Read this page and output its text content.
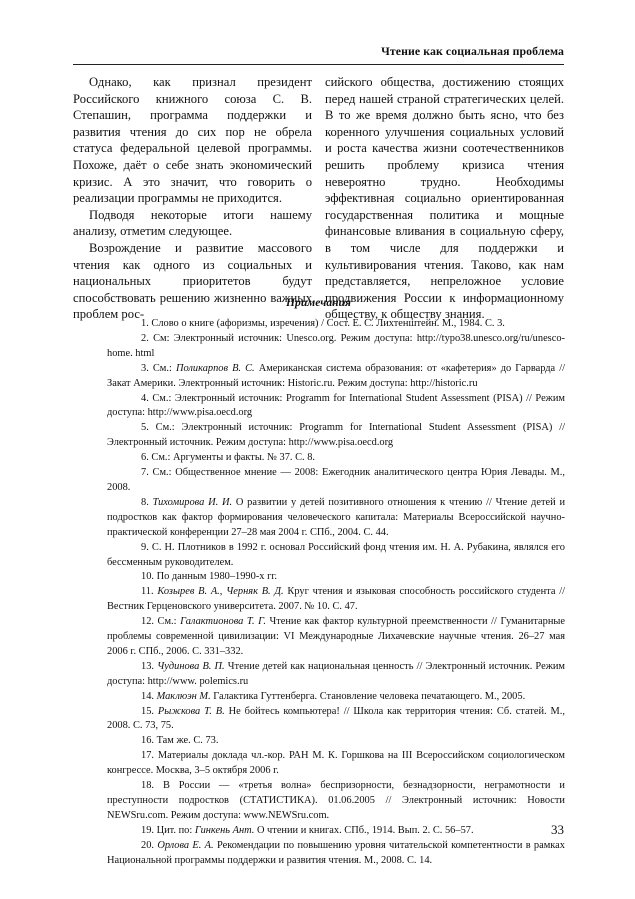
Чтение как социальная проблема

Однако, как признал президент Российского книжного союза С. В. Степашин, программа поддержки и развития чтения до сих пор не обрела статуса федеральной целевой программы. Похоже, даёт о себе знать экономический кризис. А это значит, что говорить о реализации программы не приходится.

Подводя некоторые итоги нашему анализу, отметим следующее.

Возрождение и развитие массового чтения как одного из социальных и национальных приоритетов будут способствовать решению жизненно важных проблем рос-

сийского общества, достижению стоящих перед нашей страной стратегических целей. В то же время должно быть ясно, что без коренного улучшения социальных условий и роста качества жизни соотечественников решить проблему кризиса чтения невероятно трудно. Необходимы эффективная социально ориентированная государственная политика и мощные финансовые вливания в социальную сферу, в том числе для поддержки и культивирования чтения. Таково, как нам представляется, непреложное условие продвижения России к информационному обществу, к обществу знания.

Примечания

1. Слово о книге (афоризмы, изречения) / Сост. Е. С. Лихтенштейн. М., 1984. С. 3.

2. См: Электронный источник: Unesco.org. Режим доступа: http://typo38.unesco.org/ru/unesco-home. html

3. См.: Поликарпов В. С. Американская система образования: от «кафетерия» до Гарварда // Закат Америки. Электронный источник: Historic.ru. Режим доступа: http://historic.ru

4. См.: Электронный источник: Programm for International Student Assessment (PISA) // Режим доступа: http://www.pisa.oecd.org

5. См.: Электронный источник: Programm for International Student Assessment (PISA) // Электронный источник. Режим доступа: http://www.pisa.oecd.org

6. См.: Аргументы и факты. № 37. С. 8.

7. См.: Общественное мнение — 2008: Ежегодник аналитического центра Юрия Левады. М., 2008.

8. Тихомирова И. И. О развитии у детей позитивного отношения к чтению // Чтение детей и подростков как фактор формирования человеческого капитала: Материалы Всероссийской научно-практической конференции 27–28 мая 2004 г. СПб., 2004. С. 44.

9. С. Н. Плотников в 1992 г. основал Российский фонд чтения им. Н. А. Рубакина, являлся его бессменным руководителем.

10. По данным 1980–1990-х гг.

11. Козырев В. А., Черняк В. Д. Круг чтения и языковая способность российского студента // Вестник Герценовского университета. 2007. № 10. С. 47.

12. См.: Галактионова Т. Г. Чтение как фактор культурной преемственности // Гуманитарные проблемы современной цивилизации: VI Международные Лихачевские научные чтения. 26–27 мая 2006 г. СПб., 2006. С. 331–332.

13. Чудинова В. П. Чтение детей как национальная ценность // Электронный источник. Режим доступа: http://www. polemics.ru

14. Маклюэн М. Галактика Гуттенберга. Становление человека печатающего. М., 2005.

15. Рыжкова Т. В. Не бойтесь компьютера! // Школа как территория чтения: Сб. статей. М., 2008. С. 73, 75.

16. Там же. С. 73.

17. Материалы доклада чл.-кор. РАН М. К. Горшкова на III Всероссийском социологическом конгрессе. Москва, 3–5 октября 2006 г.

18. В России — «третья волна» беспризорности, безнадзорности, неграмотности и преступности подростков (СТАТИСТИКА). 01.06.2005 // Электронный источник: Новости NEWSru.com. Режим доступа: www.NEWSru.com.

19. Цит. по: Гинкень Ант. О чтении и книгах. СПб., 1914. Вып. 2. С. 56–57.

20. Орлова Е. А. Рекомендации по повышению уровня читательской компетентности в рамках Национальной программы поддержки и развития чтения. М., 2008. С. 14.

33
